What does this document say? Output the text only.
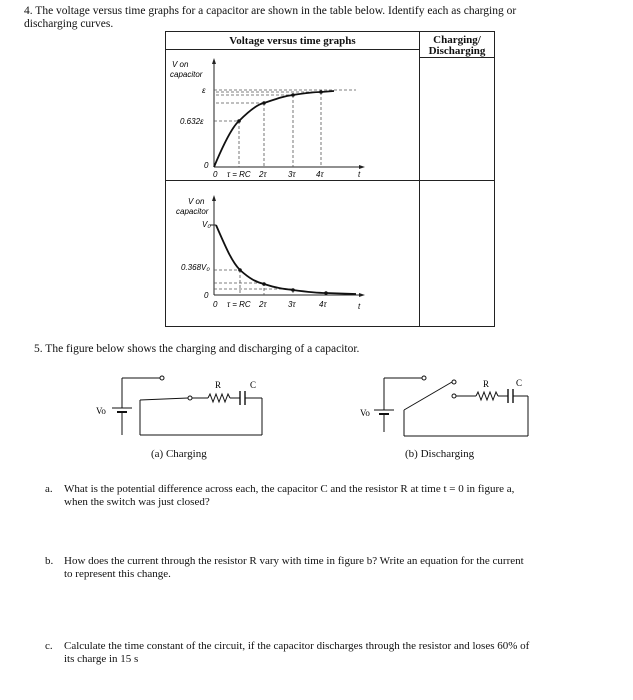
4. The voltage versus time graphs for a capacitor are shown in the table below. Identify each as charging or
discharging curves.
Voltage versus time graphs	Charging/
Discharging
V on
capacitor
ε
0.632ε
0
0 τ = RC 2τ	3τ	4τ	t
V on
capacitor
V₀
0.368V₀
0
0 τ = RC 2τ	3τ	4τ	t
5. The figure below shows the charging and discharging of a capacitor.
R	C
Vo
(a) Charging
R	C
Vo
(b) Discharging
a. What is the potential difference across each, the capacitor C and the resistor R at time t = 0 in figure a,
when the switch was just closed?
b. How does the current through the resistor R vary with time in figure b? Write an equation for the current
to represent this change.
c. Calculate the time constant of the circuit, if the capacitor discharges through the resistor and loses 60% of
its charge in 15 s
